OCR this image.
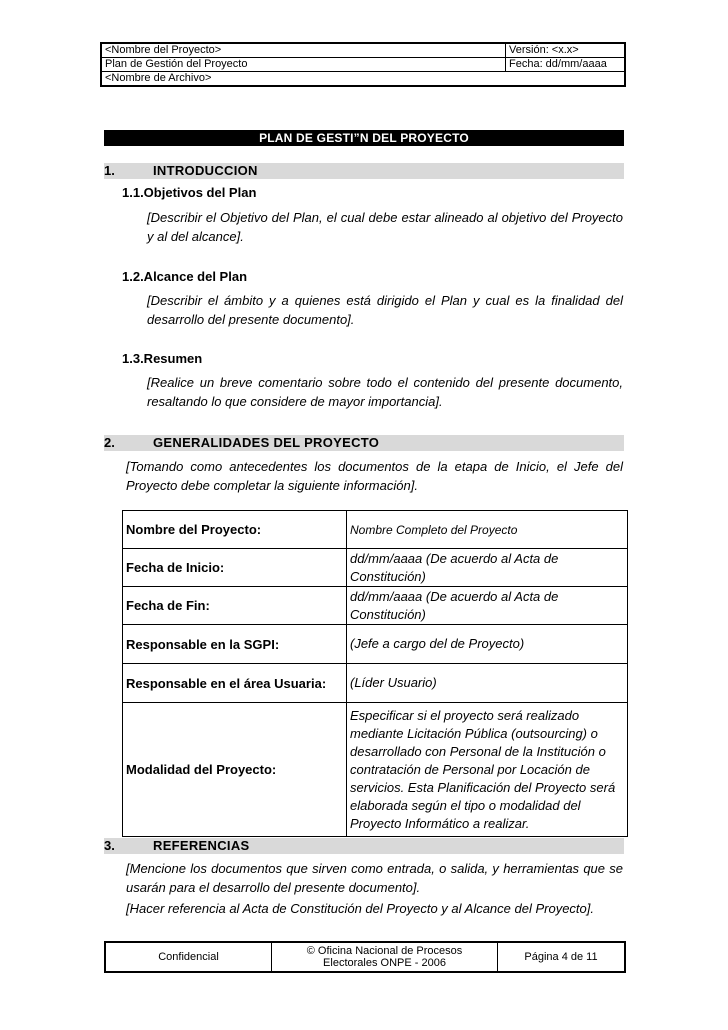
<Nombre del Proyecto>	Versión: <x.x>
Plan de Gestión del Proyecto	Fecha: dd/mm/aaaa
<Nombre de Archivo>
PLAN DE GESTI”N DEL PROYECTO
1.	INTRODUCCION
1.1.Objetivos del Plan
[Describir el Objetivo del Plan, el cual debe estar alineado al objetivo del Proyecto y al del alcance].
1.2.Alcance del Plan
[Describir el ámbito y a quienes está dirigido el Plan y cual es la finalidad del desarrollo del presente documento].
1.3.Resumen
[Realice un breve comentario sobre todo el contenido del presente documento, resaltando lo que considere de mayor importancia].
2.	GENERALIDADES DEL PROYECTO
[Tomando como antecedentes los documentos de la etapa de Inicio, el Jefe del Proyecto debe completar la siguiente información].
Nombre del Proyecto:	Nombre Completo del Proyecto
Fecha de Inicio:	dd/mm/aaaa (De acuerdo al Acta de Constitución)
Fecha de Fin:	dd/mm/aaaa (De acuerdo al Acta de Constitución)
Responsable en la SGPI:	(Jefe a cargo del de Proyecto)
Responsable en el área Usuaria:	(Líder Usuario)
Modalidad del Proyecto:	Especificar si el proyecto será realizado mediante Licitación Pública (outsourcing) o desarrollado con Personal de la Institución o contratación de Personal por Locación de servicios. Esta Planificación del Proyecto será elaborada según el tipo o modalidad del Proyecto Informático a realizar.
3.	REFERENCIAS
[Mencione los documentos que sirven como entrada, o salida, y herramientas que se usarán para el desarrollo del presente documento].
[Hacer referencia al Acta de Constitución del Proyecto y al Alcance del Proyecto].
Confidencial	© Oficina Nacional de Procesos
Electorales ONPE - 2006	Página 4 de 11
